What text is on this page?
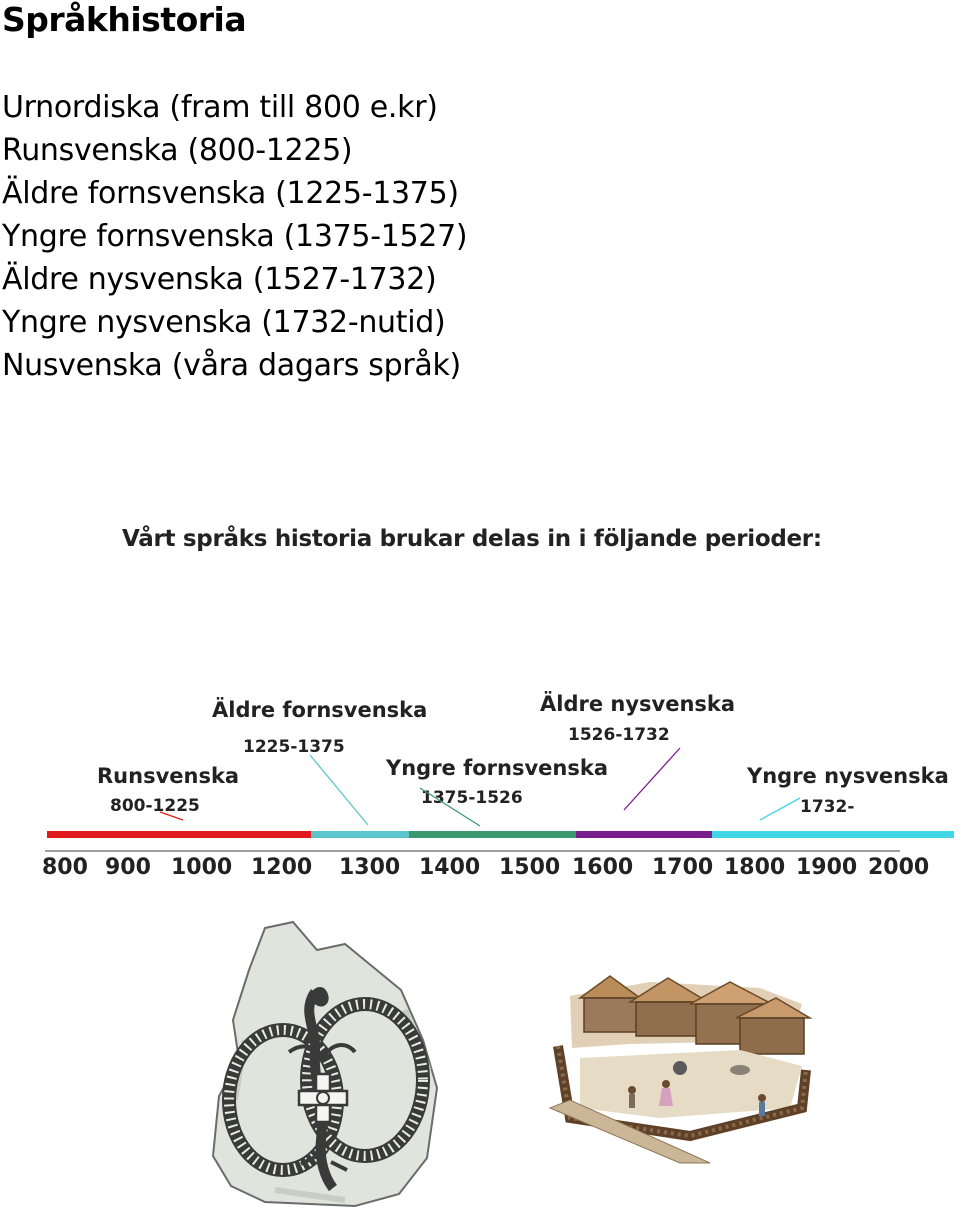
Språkhistoria
Urnordiska (fram till 800 e.kr)
Runsvenska (800-1225)
Äldre fornsvenska (1225-1375)
Yngre fornsvenska (1375-1527)
Äldre nysvenska (1527-1732)
Yngre nysvenska (1732-nutid)
Nusvenska (våra dagars språk)
Vårt språks historia brukar delas in i följande perioder:
Runsvenska
800-1225
Äldre fornsvenska
1225-1375
Yngre fornsvenska
1375-1526
Äldre nysvenska
1526-1732
Yngre nysvenska
1732-
800 900 1000 1200 1300 1400 1500 1600 1700 1800 1900 2000
